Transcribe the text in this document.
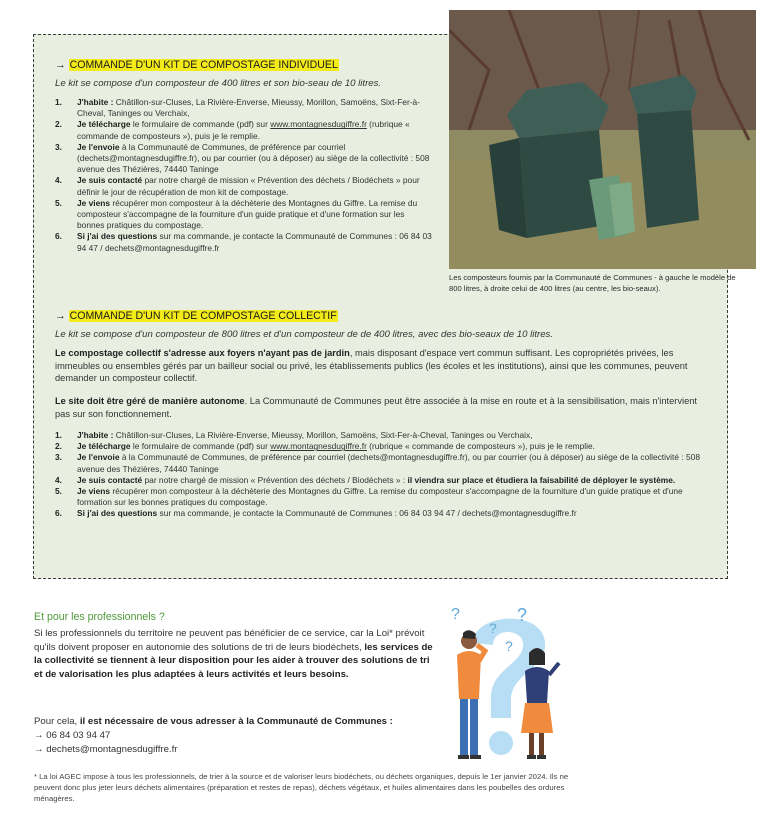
Les composteurs fournis par la Communauté de Communes - à gauche le modèle de 800 litres, à droite celui de 400 litres (au centre, les bio-seaux).
→ COMMANDE D'UN KIT DE COMPOSTAGE INDIVIDUEL
Le kit se compose d'un composteur de 400 litres et son bio-seau de 10 litres.
1. J'habite : Châtillon-sur-Cluses, La Rivière-Enverse, Mieussy, Morillon, Samoëns, Sixt-Fer-à-Cheval, Taninges ou Verchaix,
2. Je télécharge le formulaire de commande (pdf) sur www.montagnesdugiffre.fr (rubrique « commande de composteurs »), puis je le remplie.
3. Je l'envoie à la Communauté de Communes, de préférence par courriel (dechets@montagnesdugiffre.fr), ou par courrier (ou à déposer) au siège de la collectivité : 508 avenue des Thézières, 74440 Taninge
4. Je suis contacté par notre chargé de mission « Prévention des déchets / Biodéchets » pour définir le jour de récupération de mon kit de compostage.
5. Je viens récupérer mon composteur à la déchèterie des Montagnes du Giffre. La remise du composteur s'accompagne de la fourniture d'un guide pratique et d'une formation sur les bonnes pratiques du compostage.
6. Si j'ai des questions sur ma commande, je contacte la Communauté de Communes : 06 84 03 94 47 / dechets@montagnesdugiffre.fr
→ COMMANDE D'UN KIT DE COMPOSTAGE COLLECTIF
Le kit se compose d'un composteur de 800 litres et d'un composteur de de 400 litres, avec des bio-seaux de 10 litres.
Le compostage collectif s'adresse aux foyers n'ayant pas de jardin, mais disposant d'espace vert commun suffisant. Les copropriétés privées, les immeubles ou ensembles gérés par un bailleur social ou privé, les établissements publics (les écoles et les institutions), ainsi que les communes, peuvent demander un composteur collectif.
Le site doit être géré de manière autonome. La Communauté de Communes peut être associée à la mise en route et à la sensibilisation, mais n'intervient pas sur son fonctionnement.
1. J'habite : Châtillon-sur-Cluses, La Rivière-Enverse, Mieussy, Morillon, Samoëns, Sixt-Fer-à-Cheval, Taninges ou Verchaix,
2. Je télécharge le formulaire de commande (pdf) sur www.montagnesdugiffre.fr (rubrique « commande de composteurs »), puis je le remplie.
3. Je l'envoie à la Communauté de Communes, de préférence par courriel (dechets@montagnesdugiffre.fr), ou par courrier (ou à déposer) au siège de la collectivité : 508 avenue des Thézières, 74440 Taninge
4. Je suis contacté par notre chargé de mission « Prévention des déchets / Biodéchets » : il viendra sur place et étudiera la faisabilité de déployer le système.
5. Je viens récupérer mon composteur à la déchèterie des Montagnes du Giffre. La remise du composteur s'accompagne de la fourniture d'un guide pratique et d'une formation sur les bonnes pratiques du compostage.
6. Si j'ai des questions sur ma commande, je contacte la Communauté de Communes : 06 84 03 94 47 / dechets@montagnesdugiffre.fr
Et pour les professionnels ?
Si les professionnels du territoire ne peuvent pas bénéficier de ce service, car la Loi* prévoit qu'ils doivent proposer en autonomie des solutions de tri de leurs biodéchets, les services de la collectivité se tiennent à leur disposition pour les aider à trouver des solutions de tri et de valorisation les plus adaptées à leurs activités et leurs besoins.
Pour cela, il est nécessaire de vous adresser à la Communauté de Communes :
→ 06 84 03 94 47
→ dechets@montagnesdugiffre.fr
?	?
?
?
* La loi AGEC impose à tous les professionnels, de trier à la source et de valoriser leurs biodéchets, ou déchets organiques, depuis le 1er janvier 2024. Ils ne peuvent donc plus jeter leurs déchets alimentaires (préparation et restes de repas), déchets végétaux, et huiles alimentaires dans les poubelles des ordures ménagères.
